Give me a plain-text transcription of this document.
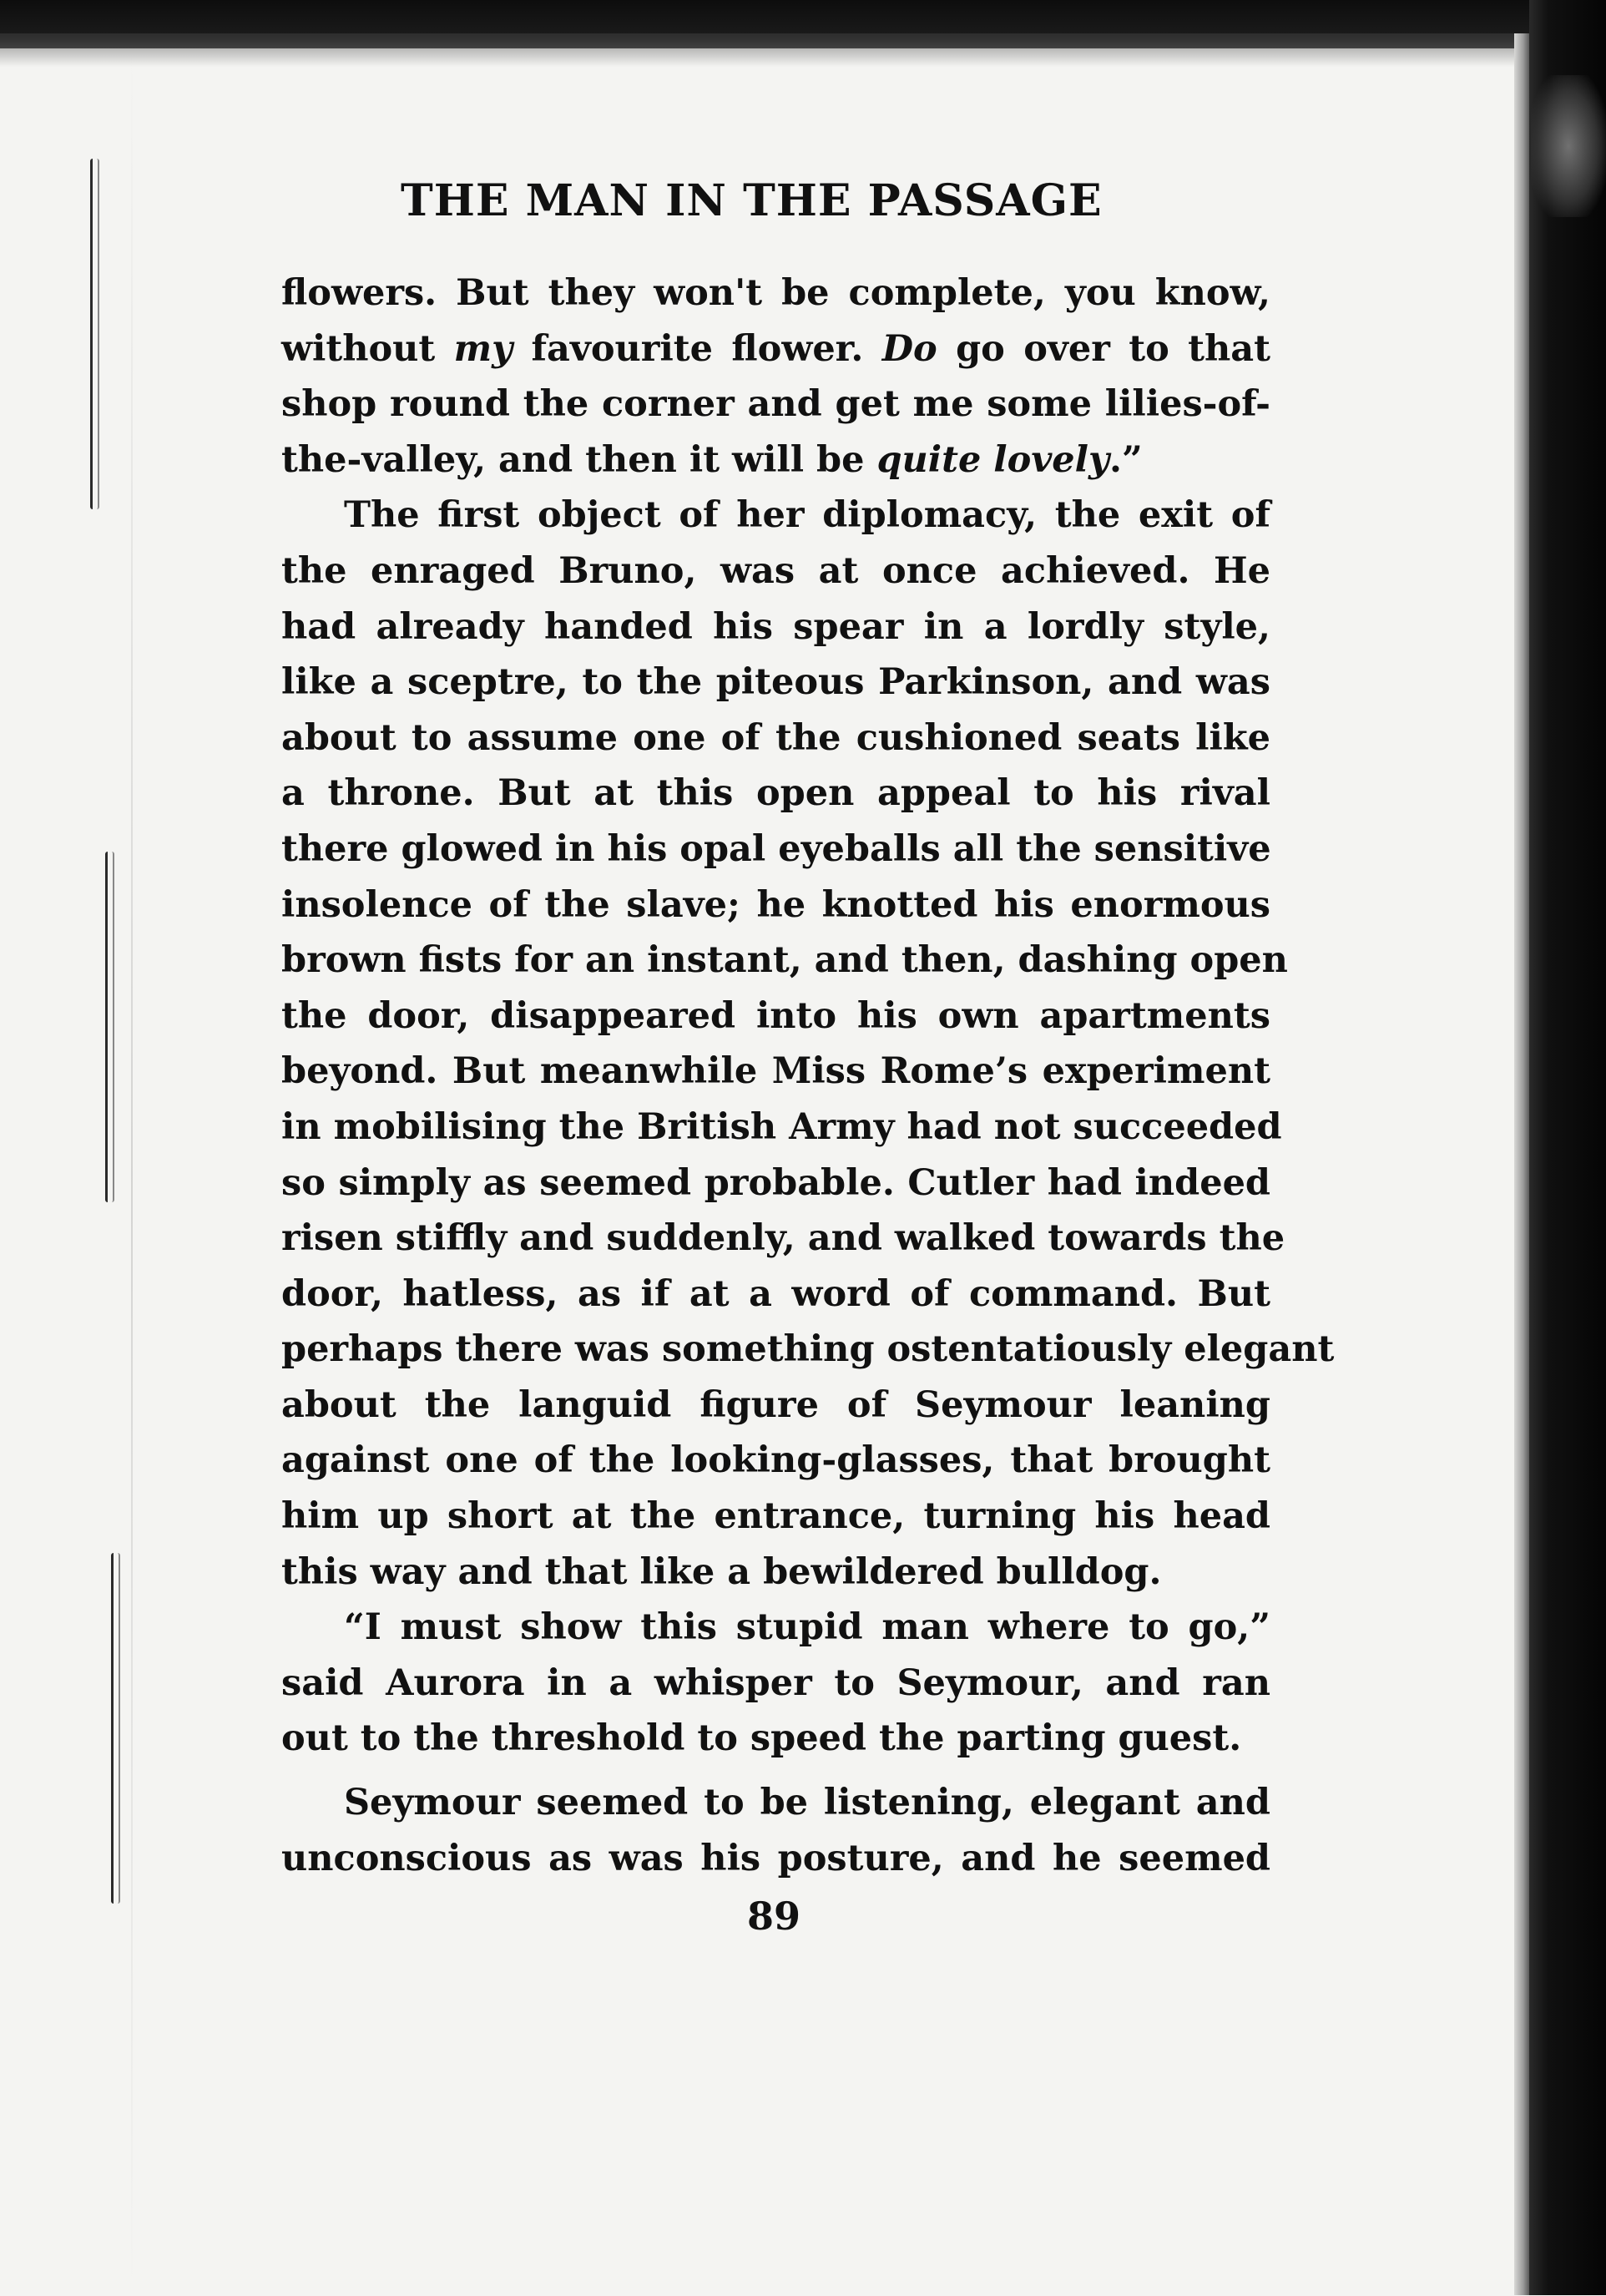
THE MAN IN THE PASSAGE
flowers. But they won't be complete, you know,
without my favourite flower. Do go over to that
shop round the corner and get me some lilies-of-
the-valley, and then it will be quite lovely.”
The first object of her diplomacy, the exit of
the enraged Bruno, was at once achieved. He
had already handed his spear in a lordly style,
like a sceptre, to the piteous Parkinson, and was
about to assume one of the cushioned seats like
a throne. But at this open appeal to his rival
there glowed in his opal eyeballs all the sensitive
insolence of the slave; he knotted his enormous
brown fists for an instant, and then, dashing open
the door, disappeared into his own apartments
beyond. But meanwhile Miss Rome’s experiment
in mobilising the British Army had not succeeded
so simply as seemed probable. Cutler had indeed
risen stiffly and suddenly, and walked towards the
door, hatless, as if at a word of command. But
perhaps there was something ostentatiously elegant
about the languid figure of Seymour leaning
against one of the looking-glasses, that brought
him up short at the entrance, turning his head
this way and that like a bewildered bulldog.
“I must show this stupid man where to go,”
said Aurora in a whisper to Seymour, and ran
out to the threshold to speed the parting guest.
Seymour seemed to be listening, elegant and
unconscious as was his posture, and he seemed
89
